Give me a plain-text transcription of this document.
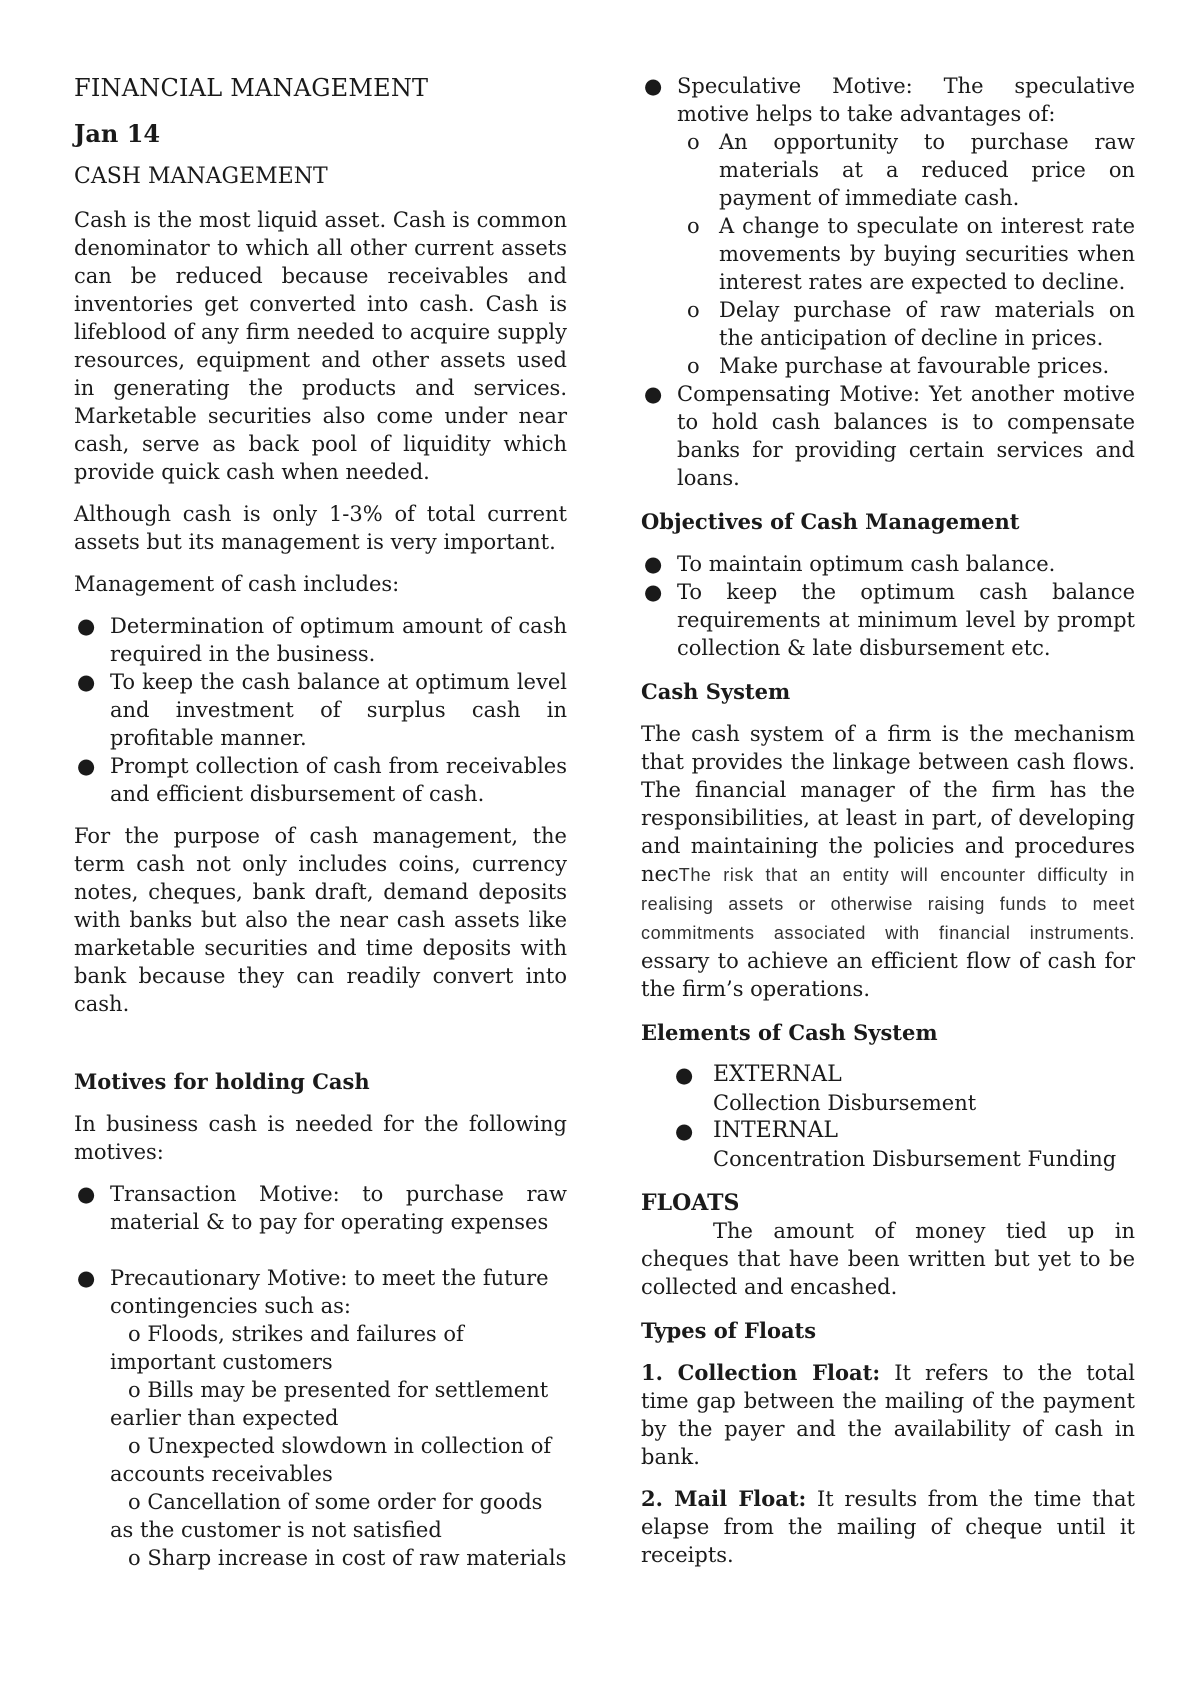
FINANCIAL MANAGEMENT

Jan 14

CASH MANAGEMENT

Cash is the most liquid asset. Cash is common denominator to which all other current assets can be reduced because receivables and inventories get converted into cash. Cash is lifeblood of any firm needed to acquire supply resources, equipment and other assets used in generating the products and services. Marketable securities also come under near cash, serve as back pool of liquidity which provide quick cash when needed.

Although cash is only 1-3% of total current assets but its management is very important.

Management of cash includes:

● Determination of optimum amount of cash required in the business.
● To keep the cash balance at optimum level and investment of surplus cash in profitable manner.
● Prompt collection of cash from receivables and efficient disbursement of cash.

For the purpose of cash management, the term cash not only includes coins, currency notes, cheques, bank draft, demand deposits with banks but also the near cash assets like marketable securities and time deposits with bank because they can readily convert into cash.

Motives for holding Cash

In business cash is needed for the following motives:

● Transaction Motive: to purchase raw material & to pay for operating expenses
● Precautionary Motive: to meet the future contingencies such as:
o Floods, strikes and failures of important customers
o Bills may be presented for settlement earlier than expected
o Unexpected slowdown in collection of accounts receivables
o Cancellation of some order for goods as the customer is not satisfied
o Sharp increase in cost of raw materials
● Speculative Motive: The speculative motive helps to take advantages of:
o An opportunity to purchase raw materials at a reduced price on payment of immediate cash.
o A change to speculate on interest rate movements by buying securities when interest rates are expected to decline.
o Delay purchase of raw materials on the anticipation of decline in prices.
o Make purchase at favourable prices.
● Compensating Motive: Yet another motive to hold cash balances is to compensate banks for providing certain services and loans.

Objectives of Cash Management

● To maintain optimum cash balance.
● To keep the optimum cash balance requirements at minimum level by prompt collection & late disbursement etc.

Cash System

The cash system of a firm is the mechanism that provides the linkage between cash flows. The financial manager of the firm has the responsibilities, at least in part, of developing and maintaining the policies and procedures necThe risk that an entity will encounter difficulty in realising assets or otherwise raising funds to meet commitments associated with financial instruments. essary to achieve an efficient flow of cash for the firm’s operations.

Elements of Cash System

● EXTERNAL
Collection Disbursement
● INTERNAL
Concentration Disbursement Funding

FLOATS

The amount of money tied up in cheques that have been written but yet to be collected and encashed.

Types of Floats

1. Collection Float: It refers to the total time gap between the mailing of the payment by the payer and the availability of cash in bank.

2. Mail Float: It results from the time that elapse from the mailing of cheque until it receipts.
